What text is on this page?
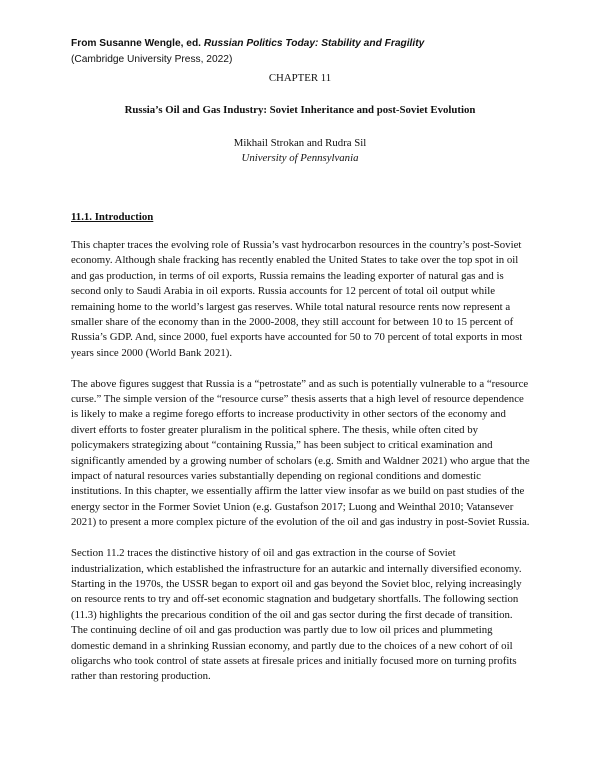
From Susanne Wengle, ed. Russian Politics Today: Stability and Fragility
(Cambridge University Press, 2022)
CHAPTER 11
Russia’s Oil and Gas Industry: Soviet Inheritance and post-Soviet Evolution
Mikhail Strokan and Rudra Sil
University of Pennsylvania
11.1. Introduction

This chapter traces the evolving role of Russia’s vast hydrocarbon resources in the country’s post-Soviet economy. Although shale fracking has recently enabled the United States to take over the top spot in oil and gas production, in terms of oil exports, Russia remains the leading exporter of natural gas and is second only to Saudi Arabia in oil exports. Russia accounts for 12 percent of total oil output while remaining home to the world’s largest gas reserves. While total natural resource rents now represent a smaller share of the economy than in the 2000-2008, they still account for between 10 to 15 percent of Russia’s GDP. And, since 2000, fuel exports have accounted for 50 to 70 percent of total exports in most years since 2000 (World Bank 2021).

The above figures suggest that Russia is a “petrostate” and as such is potentially vulnerable to a “resource curse.” The simple version of the “resource curse” thesis asserts that a high level of resource dependence is likely to make a regime forego efforts to increase productivity in other sectors of the economy and divert efforts to foster greater pluralism in the political sphere. The thesis, while often cited by policymakers strategizing about “containing Russia,” has been subject to critical examination and significantly amended by a growing number of scholars (e.g. Smith and Waldner 2021) who argue that the impact of natural resources varies substantially depending on regional conditions and domestic institutions. In this chapter, we essentially affirm the latter view insofar as we build on past studies of the energy sector in the Former Soviet Union (e.g. Gustafson 2017; Luong and Weinthal 2010; Vatansever 2021) to present a more complex picture of the evolution of the oil and gas industry in post-Soviet Russia.

Section 11.2 traces the distinctive history of oil and gas extraction in the course of Soviet industrialization, which established the infrastructure for an autarkic and internally diversified economy. Starting in the 1970s, the USSR began to export oil and gas beyond the Soviet bloc, relying increasingly on resource rents to try and off-set economic stagnation and budgetary shortfalls. The following section (11.3) highlights the precarious condition of the oil and gas sector during the first decade of transition. The continuing decline of oil and gas production was partly due to low oil prices and plummeting domestic demand in a shrinking Russian economy, and partly due to the choices of a new cohort of oil oligarchs who took control of state assets at firesale prices and initially focused more on turning profits rather than restoring production.
